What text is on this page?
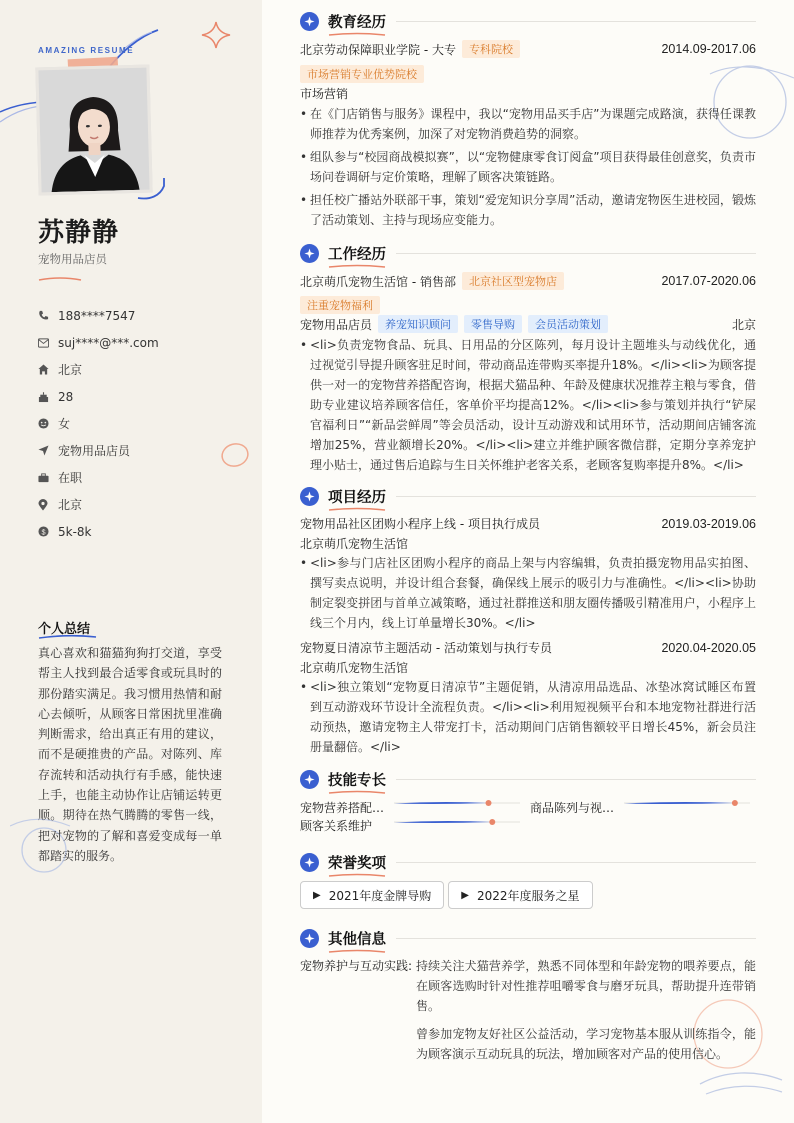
AMAZING RESUME
苏静静
宠物用品店员
188****7547
suj****@***.com
北京
28
女
宠物用品店员
在职
北京
$ 5k-8k
个人总结
真心喜欢和猫猫狗狗打交道，享受帮主人找到最合适零食或玩具时的那份踏实满足。我习惯用热情和耐心去倾听，从顾客日常困扰里准确判断需求，给出真正有用的建议，而不是硬推贵的产品。对陈列、库存流转和活动执行有手感，能快速上手，也能主动协作让店铺运转更顺。期待在热气腾腾的零售一线，把对宠物的了解和喜爱变成每一单都踏实的服务。
教育经历
北京劳动保障职业学院 - 大专	专科院校	2014.09-2017.06
市场营销专业优势院校
市场营销
• 在《门店销售与服务》课程中，我以“宠物用品买手店”为课题完成路演，获得任课教师推荐为优秀案例，加深了对宠物消费趋势的洞察。
• 组队参与“校园商战模拟赛”，以“宠物健康零食订阅盒”项目获得最佳创意奖，负责市场问卷调研与定价策略，理解了顾客决策链路。
• 担任校广播站外联部干事，策划“爱宠知识分享周”活动，邀请宠物医生进校园，锻炼了活动策划、主持与现场应变能力。
工作经历
北京萌爪宠物生活馆 - 销售部	北京社区型宠物店	2017.07-2020.06
注重宠物福利
宠物用品店员	养宠知识顾问	零售导购	会员活动策划	北京
• <li>负责宠物食品、玩具、日用品的分区陈列，每月设计主题堆头与动线优化，通过视觉引导提升顾客驻足时间，带动商品连带购买率提升18%。</li><li>为顾客提供一对一的宠物营养搭配咨询，根据犬猫品种、年龄及健康状况推荐主粮与零食，借助专业建议培养顾客信任，客单价平均提高12%。</li><li>参与策划并执行“铲屎官福利日”“新品尝鲜周”等会员活动，设计互动游戏和试用环节，活动期间店铺客流增加25%，营业额增长20%。</li><li>建立并维护顾客微信群，定期分享养宠护理小贴士，通过售后追踪与生日关怀维护老客关系，老顾客复购率提升8%。</li>
项目经历
宠物用品社区团购小程序上线 - 项目执行成员	2019.03-2019.06
北京萌爪宠物生活馆
• <li>参与门店社区团购小程序的商品上架与内容编辑，负责拍摄宠物用品实拍图、撰写卖点说明，并设计组合套餐，确保线上展示的吸引力与准确性。</li><li>协助制定裂变拼团与首单立减策略，通过社群推送和朋友圈传播吸引精准用户，小程序上线三个月内，线上订单量增长30%。</li>
宠物夏日清凉节主题活动 - 活动策划与执行专员	2020.04-2020.05
北京萌爪宠物生活馆
• <li>独立策划“宠物夏日清凉节”主题促销，从清凉用品选品、冰垫冰窝试睡区布置到互动游戏环节设计全流程负责。</li><li>利用短视频平台和本地宠物社群进行活动预热，邀请宠物主人带宠打卡，活动期间门店销售额较平日增长45%，新会员注册量翻倍。</li>
技能专长
宠物营养搭配…	商品陈列与视…
顾客关系维护
荣誉奖项
▶ 2021年度金牌导购	▶ 2022年度服务之星
其他信息
宠物养护与互动实践: 持续关注犬猫营养学，熟悉不同体型和年龄宠物的喂养要点，能在顾客选购时针对性推荐咀嚼零食与磨牙玩具，帮助提升连带销售。

曾参加宠物友好社区公益活动，学习宠物基本服从训练指令，能为顾客演示互动玩具的玩法，增加顾客对产品的使用信心。
